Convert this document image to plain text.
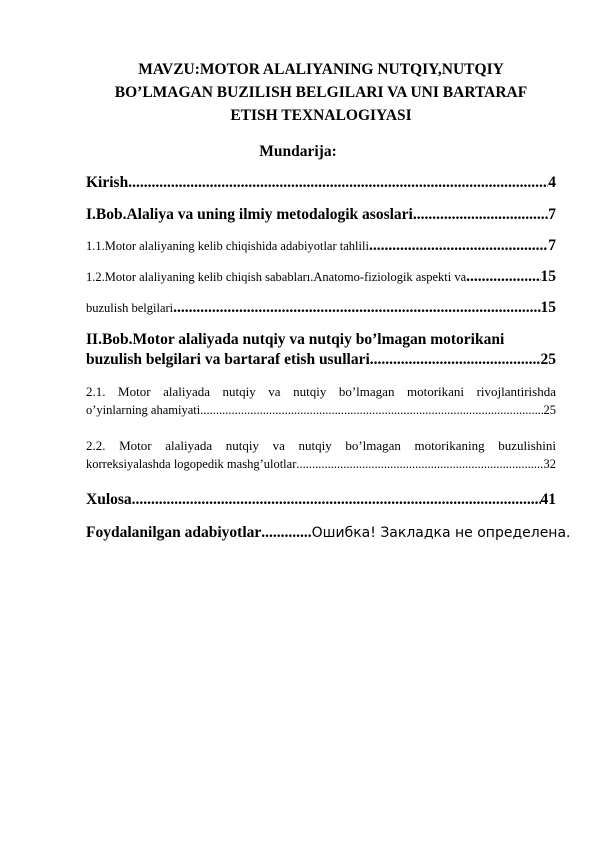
MAVZU:MOTOR ALALIYANING NUTQIY,NUTQIY
BO’LMAGAN BUZILISH BELGILARI VA UNI BARTARAF
ETISH TEXNALOGIYASI
Mundarija:
Kirish .....	4
I.Bob.Alaliya va uning ilmiy metodalogik asoslari .....	7
1.1.Motor alaliyaning kelib chiqishida adabiyotlar tahlili .....	7
1.2.Motor alaliyaning kelib chiqish sababları.Anatomo-fiziologik aspekti va .....	15
buzulish belgilari .....	15
II.Bob.Motor alaliyada nutqiy va nutqiy bo’lmagan motorikani
buzulish belgilari va bartaraf etish usullari .....	25
2.1. Motor alaliyada nutqiy va nutqiy bo’lmagan motorikani rivojlantirishda
o’yinlarning ahamiyati .....	25
2.2. Motor alaliyada nutqiy va nutqiy bo’lmagan motorikaning buzulishini
korreksiyalashda logopedik mashg’ulotlar .....	32
Xulosa .....	41
Foydalanilgan adabiyotlar ............. Ошибка! Закладка не определена.
